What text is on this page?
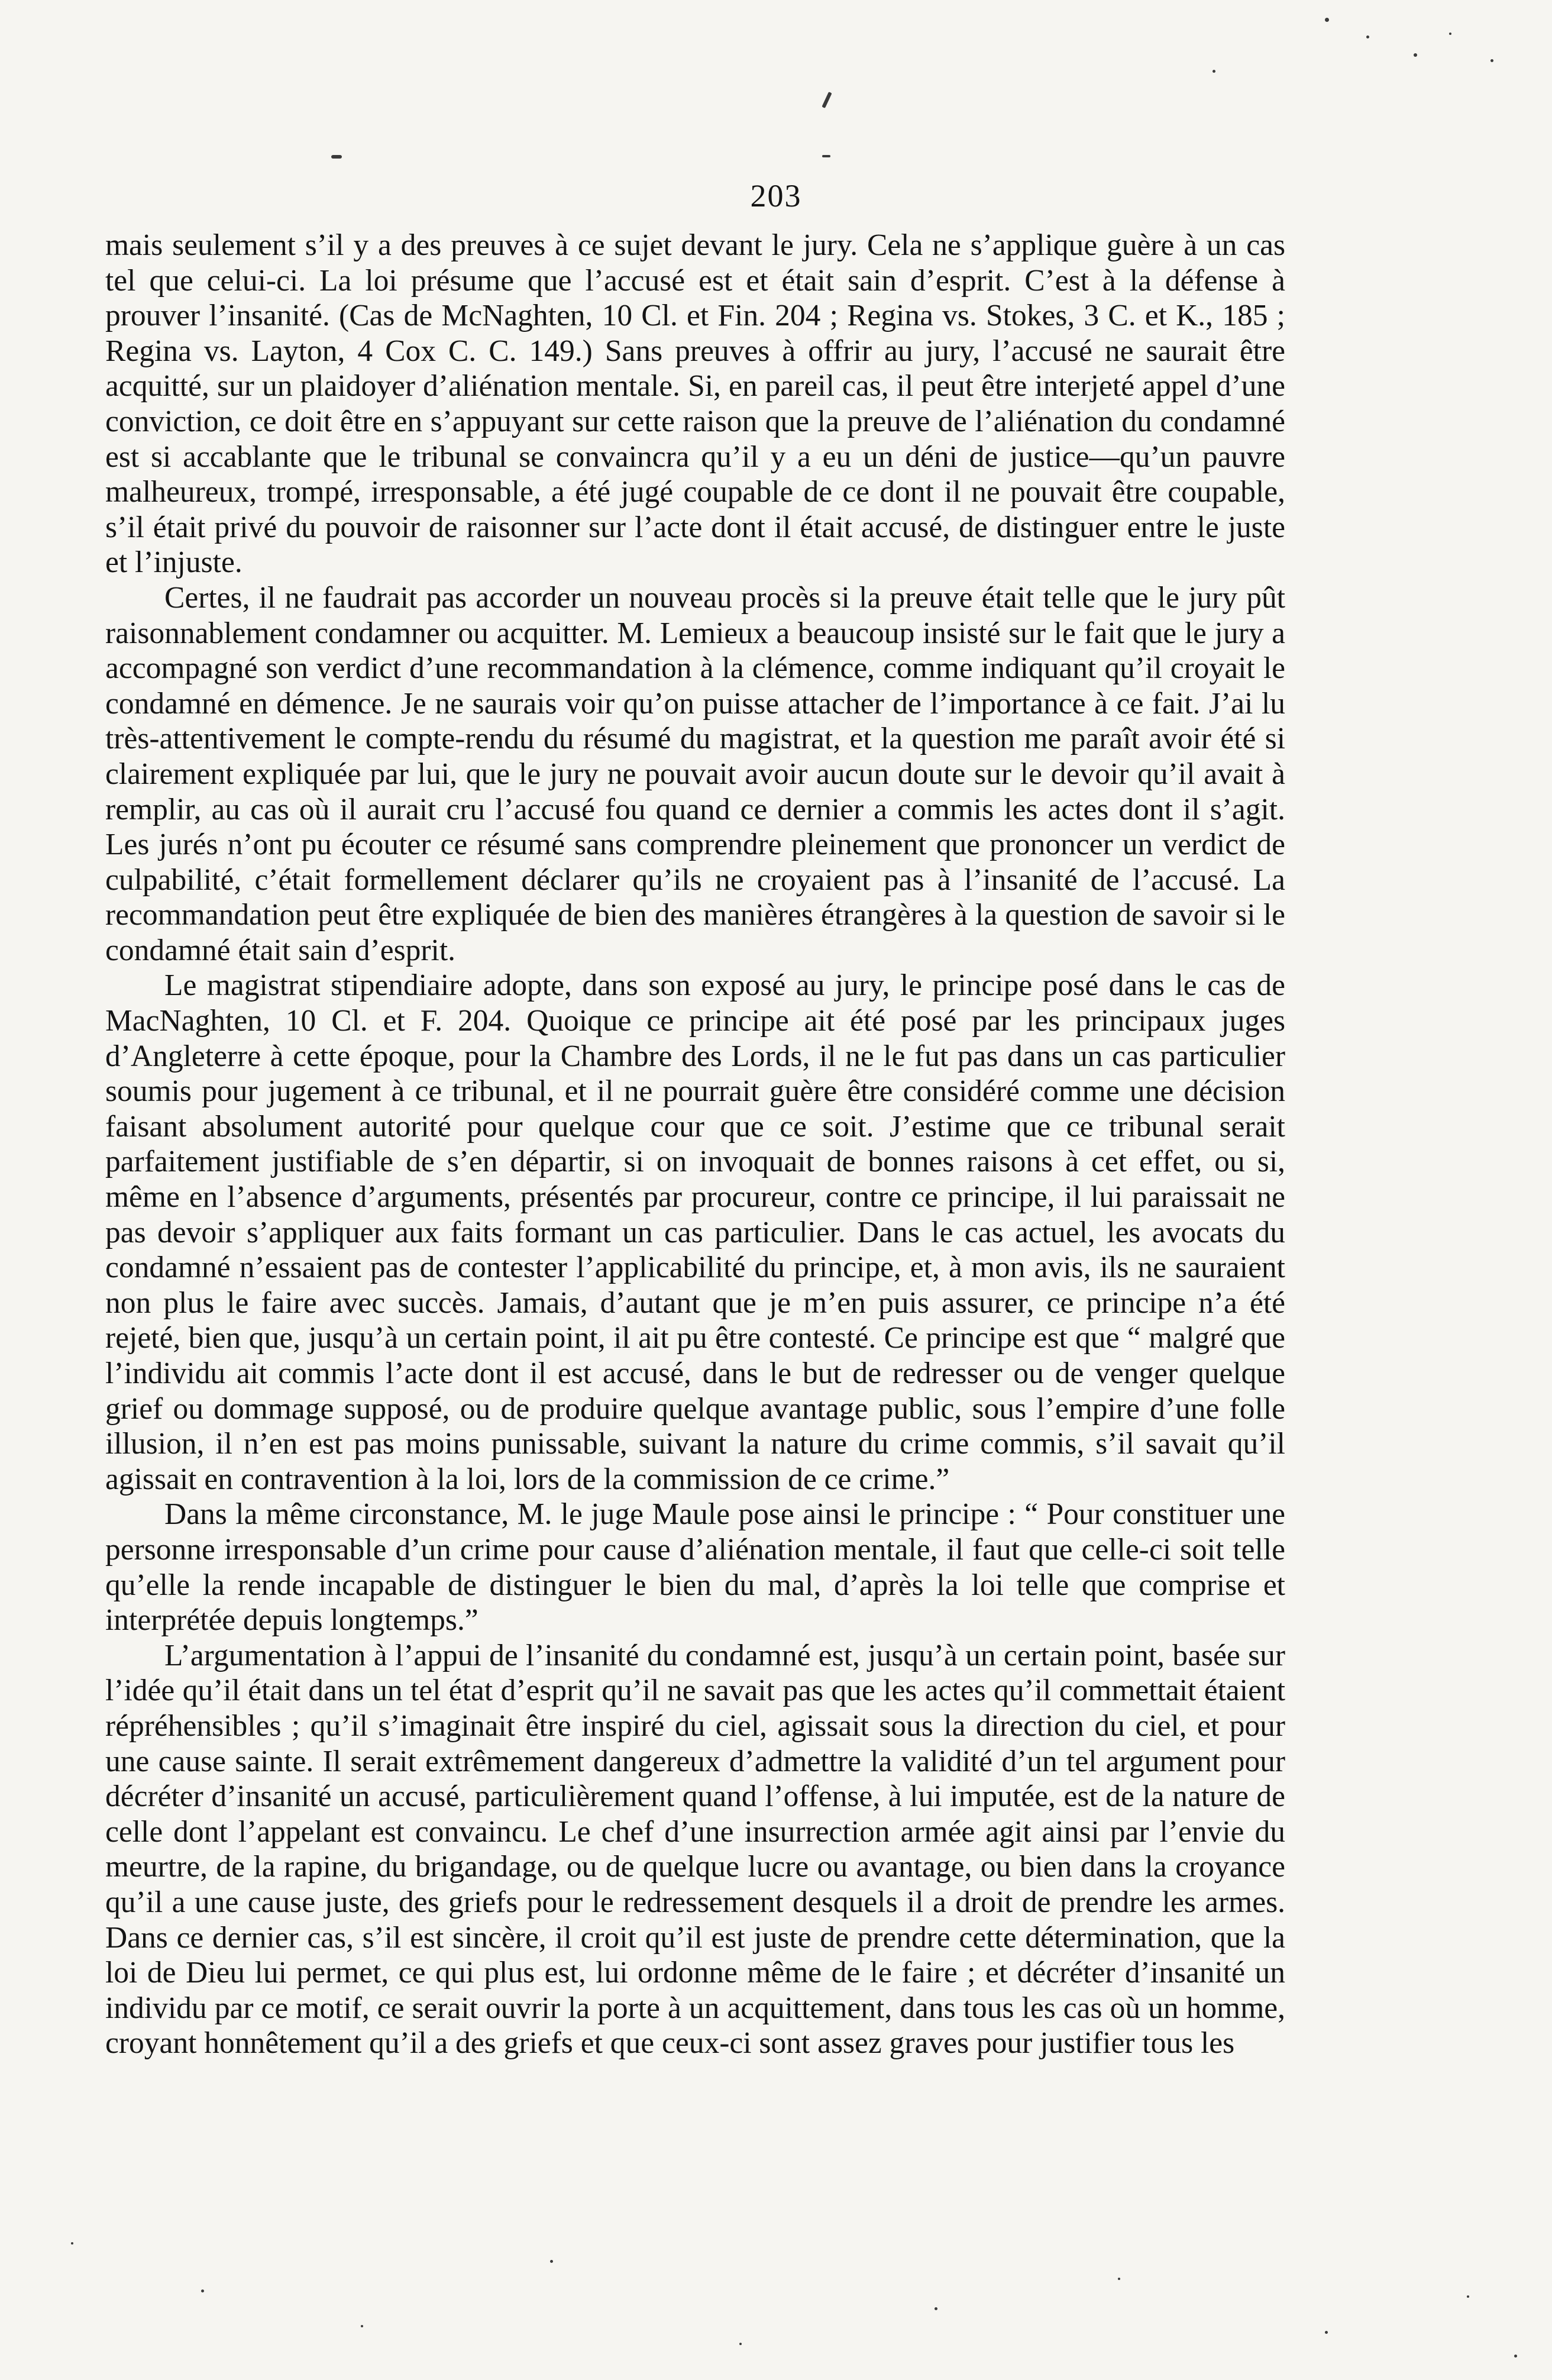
203

mais seulement s’il y a des preuves à ce sujet devant le jury. Cela ne s’applique guère à un cas tel que celui-ci. La loi présume que l’accusé est et était sain d’esprit. C’est à la défense à prouver l’insanité. (Cas de McNaghten, 10 Cl. et Fin. 204 ; Regina vs. Stokes, 3 C. et K., 185 ; Regina vs. Layton, 4 Cox C. C. 149.) Sans preuves à offrir au jury, l’accusé ne saurait être acquitté, sur un plaidoyer d’aliénation mentale. Si, en pareil cas, il peut être interjeté appel d’une conviction, ce doit être en s’appuyant sur cette raison que la preuve de l’aliénation du condamné est si accablante que le tribunal se convaincra qu’il y a eu un déni de justice—qu’un pauvre malheureux, trompé, irresponsable, a été jugé coupable de ce dont il ne pouvait être coupable, s’il était privé du pouvoir de raisonner sur l’acte dont il était accusé, de distinguer entre le juste et l’injuste.

Certes, il ne faudrait pas accorder un nouveau procès si la preuve était telle que le jury pût raisonnablement condamner ou acquitter. M. Lemieux a beaucoup insisté sur le fait que le jury a accompagné son verdict d’une recommandation à la clémence, comme indiquant qu’il croyait le condamné en démence. Je ne saurais voir qu’on puisse attacher de l’importance à ce fait. J’ai lu très-attentivement le compte-rendu du résumé du magistrat, et la question me paraît avoir été si clairement expliquée par lui, que le jury ne pouvait avoir aucun doute sur le devoir qu’il avait à remplir, au cas où il aurait cru l’accusé fou quand ce dernier a commis les actes dont il s’agit. Les jurés n’ont pu écouter ce résumé sans comprendre pleinement que prononcer un verdict de culpabilité, c’était formellement déclarer qu’ils ne croyaient pas à l’insanité de l’accusé. La recommandation peut être expliquée de bien des manières étrangères à la question de savoir si le condamné était sain d’esprit.

Le magistrat stipendiaire adopte, dans son exposé au jury, le principe posé dans le cas de MacNaghten, 10 Cl. et F. 204. Quoique ce principe ait été posé par les principaux juges d’Angleterre à cette époque, pour la Chambre des Lords, il ne le fut pas dans un cas particulier soumis pour jugement à ce tribunal, et il ne pourrait guère être considéré comme une décision faisant absolument autorité pour quelque cour que ce soit. J’estime que ce tribunal serait parfaitement justifiable de s’en départir, si on invoquait de bonnes raisons à cet effet, ou si, même en l’absence d’arguments, présentés par procureur, contre ce principe, il lui paraissait ne pas devoir s’appliquer aux faits formant un cas particulier. Dans le cas actuel, les avocats du condamné n’essaient pas de contester l’applicabilité du principe, et, à mon avis, ils ne sauraient non plus le faire avec succès. Jamais, d’autant que je m’en puis assurer, ce principe n’a été rejeté, bien que, jusqu’à un certain point, il ait pu être contesté. Ce principe est que “ malgré que l’individu ait commis l’acte dont il est accusé, dans le but de redresser ou de venger quelque grief ou dommage supposé, ou de produire quelque avantage public, sous l’empire d’une folle illusion, il n’en est pas moins punissable, suivant la nature du crime commis, s’il savait qu’il agissait en contravention à la loi, lors de la commission de ce crime.”

Dans la même circonstance, M. le juge Maule pose ainsi le principe : “ Pour constituer une personne irresponsable d’un crime pour cause d’aliénation mentale, il faut que celle-ci soit telle qu’elle la rende incapable de distinguer le bien du mal, d’après la loi telle que comprise et interprétée depuis longtemps.”

L’argumentation à l’appui de l’insanité du condamné est, jusqu’à un certain point, basée sur l’idée qu’il était dans un tel état d’esprit qu’il ne savait pas que les actes qu’il commettait étaient répréhensibles ; qu’il s’imaginait être inspiré du ciel, agissait sous la direction du ciel, et pour une cause sainte. Il serait extrêmement dangereux d’admettre la validité d’un tel argument pour décréter d’insanité un accusé, particulièrement quand l’offense, à lui imputée, est de la nature de celle dont l’appelant est convaincu. Le chef d’une insurrection armée agit ainsi par l’envie du meurtre, de la rapine, du brigandage, ou de quelque lucre ou avantage, ou bien dans la croyance qu’il a une cause juste, des griefs pour le redressement desquels il a droit de prendre les armes. Dans ce dernier cas, s’il est sincère, il croit qu’il est juste de prendre cette détermination, que la loi de Dieu lui permet, ce qui plus est, lui ordonne même de le faire ; et décréter d’insanité un individu par ce motif, ce serait ouvrir la porte à un acquittement, dans tous les cas où un homme, croyant honnêtement qu’il a des griefs et que ceux-ci sont assez graves pour justifier tous les
